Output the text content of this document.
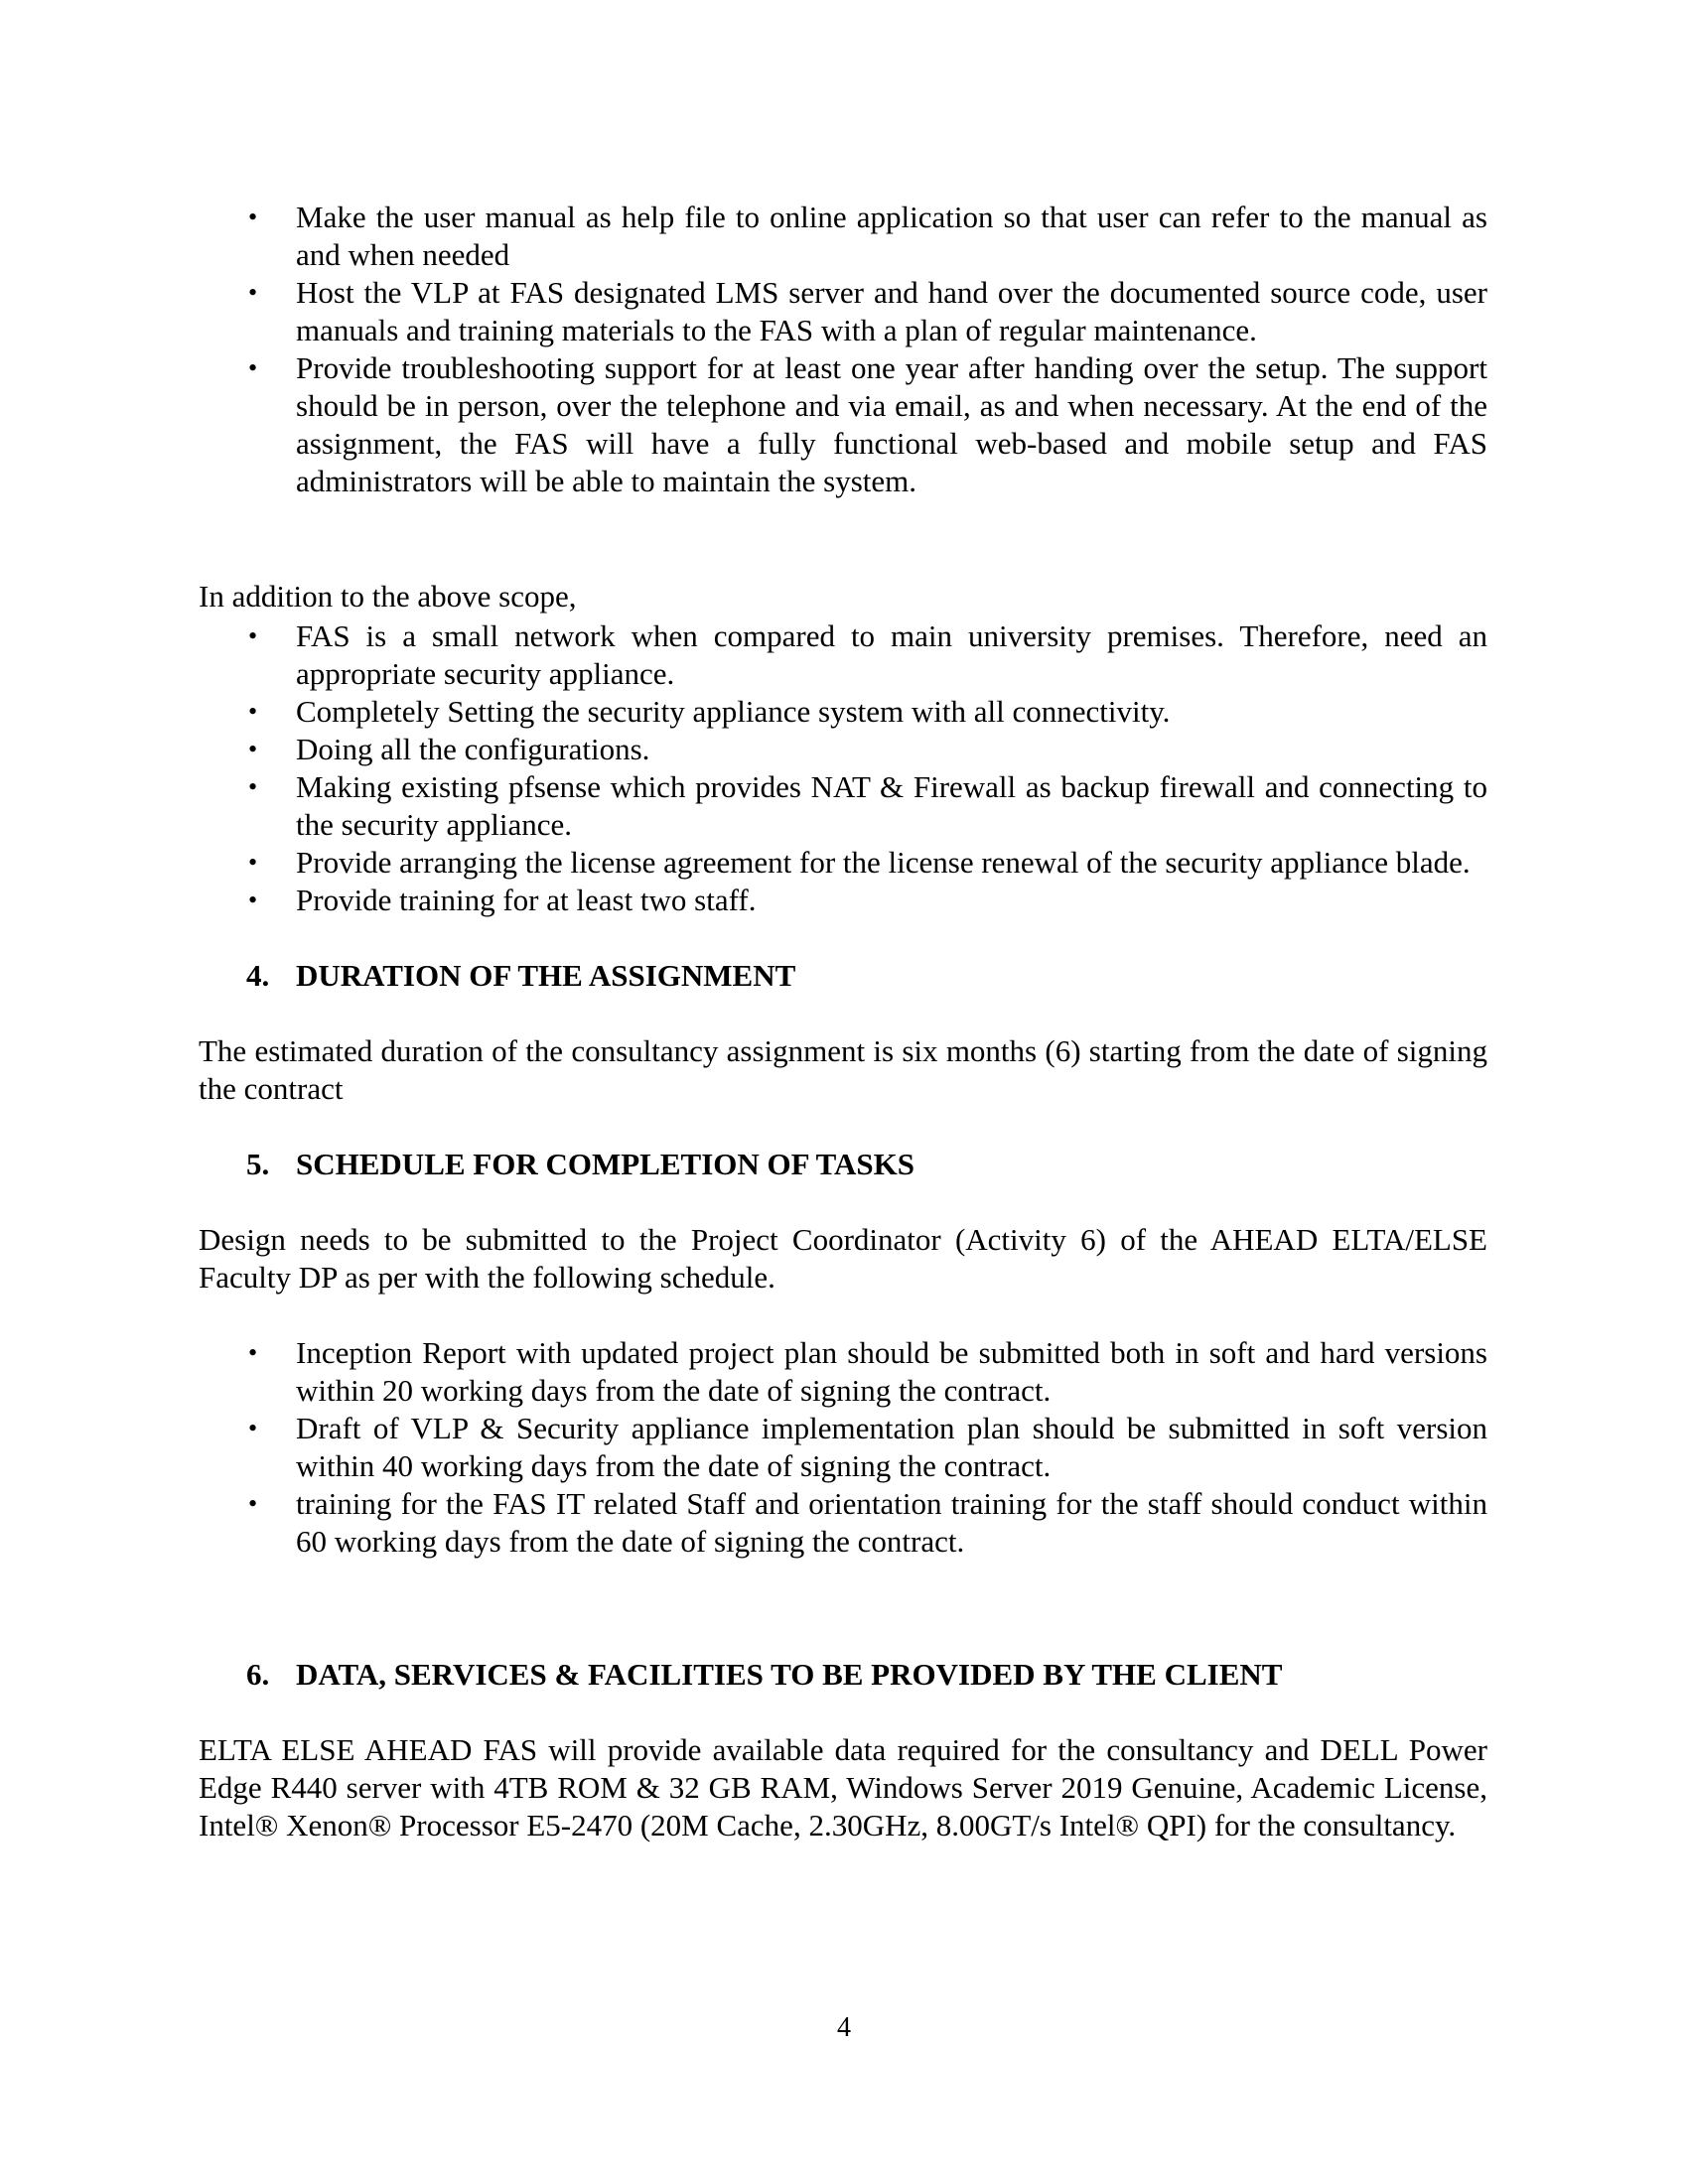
• Make the user manual as help file to online application so that user can refer to the manual as and when needed
• Host the VLP at FAS designated LMS server and hand over the documented source code, user manuals and training materials to the FAS with a plan of regular maintenance.
• Provide troubleshooting support for at least one year after handing over the setup. The support should be in person, over the telephone and via email, as and when necessary. At the end of the assignment, the FAS will have a fully functional web-based and mobile setup and FAS administrators will be able to maintain the system.

In addition to the above scope,

• FAS is a small network when compared to main university premises. Therefore, need an appropriate security appliance.
• Completely Setting the security appliance system with all connectivity.
• Doing all the configurations.
• Making existing pfsense which provides NAT & Firewall as backup firewall and connecting to the security appliance.
• Provide arranging the license agreement for the license renewal of the security appliance blade.
• Provide training for at least two staff.
4. DURATION OF THE ASSIGNMENT

The estimated duration of the consultancy assignment is six months (6) starting from the date of signing the contract

5. SCHEDULE FOR COMPLETION OF TASKS

Design needs to be submitted to the Project Coordinator (Activity 6) of the AHEAD ELTA/ELSE Faculty DP as per with the following schedule.

• Inception Report with updated project plan should be submitted both in soft and hard versions within 20 working days from the date of signing the contract.
• Draft of VLP & Security appliance implementation plan should be submitted in soft version within 40 working days from the date of signing the contract.
• training for the FAS IT related Staff and orientation training for the staff should conduct within 60 working days from the date of signing the contract.
6. DATA, SERVICES & FACILITIES TO BE PROVIDED BY THE CLIENT

ELTA ELSE AHEAD FAS will provide available data required for the consultancy and DELL Power Edge R440 server with 4TB ROM & 32 GB RAM, Windows Server 2019 Genuine, Academic License, Intel® Xenon® Processor E5-2470 (20M Cache, 2.30GHz, 8.00GT/s Intel® QPI) for the consultancy.

4
